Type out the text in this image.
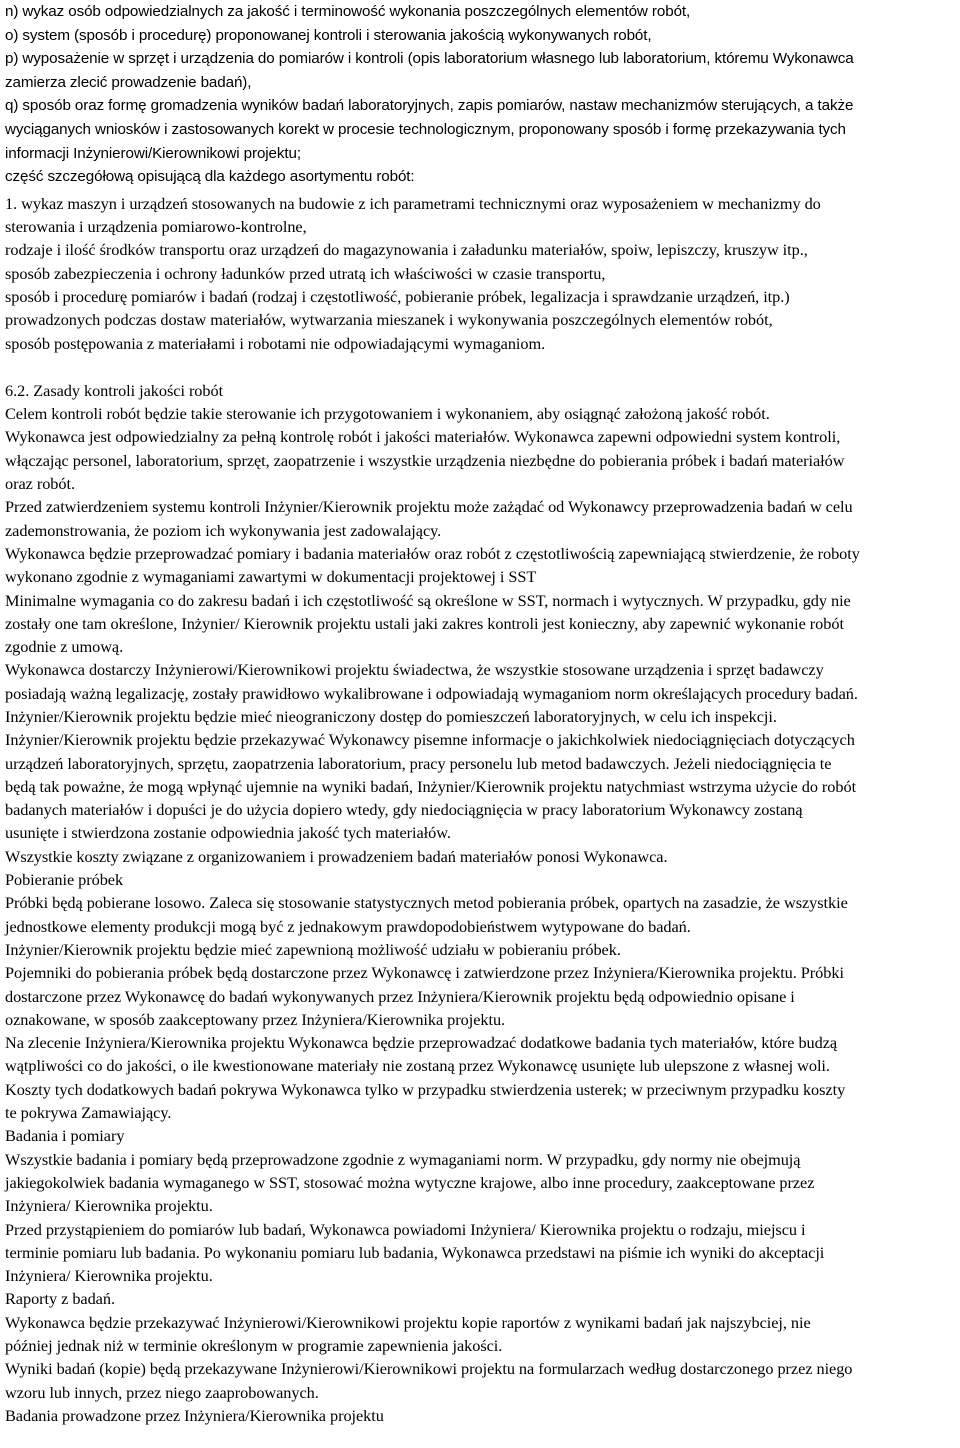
n) wykaz osób odpowiedzialnych za jakość i terminowość wykonania poszczególnych elementów robót,
o) system (sposób i procedurę) proponowanej kontroli i sterowania jakością wykonywanych robót,
p) wyposażenie w sprzęt i urządzenia do pomiarów i kontroli (opis laboratorium własnego lub laboratorium, któremu Wykonawca
zamierza zlecić prowadzenie badań),
q) sposób oraz formę gromadzenia wyników badań laboratoryjnych, zapis pomiarów, nastaw mechanizmów sterujących, a także
wyciąganych wniosków i zastosowanych korekt w procesie technologicznym, proponowany sposób i formę przekazywania tych
informacji Inżynierowi/Kierownikowi projektu;
część szczegółową opisującą dla każdego asortymentu robót:
1. wykaz maszyn i urządzeń stosowanych na budowie z ich parametrami technicznymi oraz wyposażeniem w mechanizmy do
sterowania i urządzenia pomiarowo-kontrolne,
rodzaje i ilość środków transportu oraz urządzeń do magazynowania i załadunku materiałów, spoiw, lepiszczy, kruszyw itp.,
sposób zabezpieczenia i ochrony ładunków przed utratą ich właściwości w czasie transportu,
sposób i procedurę pomiarów i badań (rodzaj i częstotliwość, pobieranie próbek, legalizacja i sprawdzanie urządzeń, itp.)
prowadzonych podczas dostaw materiałów, wytwarzania mieszanek i wykonywania poszczególnych elementów robót,
sposób postępowania z materiałami i robotami nie odpowiadającymi wymaganiom.
6.2. Zasady kontroli jakości robót
Celem kontroli robót będzie takie sterowanie ich przygotowaniem i wykonaniem, aby osiągnąć założoną jakość robót.
Wykonawca jest odpowiedzialny za pełną kontrolę robót i jakości materiałów. Wykonawca zapewni odpowiedni system kontroli,
włączając personel, laboratorium, sprzęt, zaopatrzenie i wszystkie urządzenia niezbędne do pobierania próbek i badań materiałów
oraz robót.
Przed zatwierdzeniem systemu kontroli Inżynier/Kierownik projektu może zażądać od Wykonawcy przeprowadzenia badań w celu
zademonstrowania, że poziom ich wykonywania jest zadowalający.
Wykonawca będzie przeprowadzać pomiary i badania materiałów oraz robót z częstotliwością zapewniającą stwierdzenie, że roboty
wykonano zgodnie z wymaganiami zawartymi w dokumentacji projektowej i SST
Minimalne wymagania co do zakresu badań i ich częstotliwość są określone w SST, normach i wytycznych. W przypadku, gdy nie
zostały one tam określone, Inżynier/ Kierownik projektu ustali jaki zakres kontroli jest konieczny, aby zapewnić wykonanie robót
zgodnie z umową.
Wykonawca dostarczy Inżynierowi/Kierownikowi projektu świadectwa, że wszystkie stosowane urządzenia i sprzęt badawczy
posiadają ważną legalizację, zostały prawidłowo wykalibrowane i odpowiadają wymaganiom norm określających procedury badań.
Inżynier/Kierownik projektu będzie mieć nieograniczony dostęp do pomieszczeń laboratoryjnych, w celu ich inspekcji.
Inżynier/Kierownik projektu będzie przekazywać Wykonawcy pisemne informacje o jakichkolwiek niedociągnięciach dotyczących
urządzeń laboratoryjnych, sprzętu, zaopatrzenia laboratorium, pracy personelu lub metod badawczych. Jeżeli niedociągnięcia te
będą tak poważne, że mogą wpłynąć ujemnie na wyniki badań, Inżynier/Kierownik projektu natychmiast wstrzyma użycie do robót
badanych materiałów i dopuści je do użycia dopiero wtedy, gdy niedociągnięcia w pracy laboratorium Wykonawcy zostaną
usunięte i stwierdzona zostanie odpowiednia jakość tych materiałów.
Wszystkie koszty związane z organizowaniem i prowadzeniem badań materiałów ponosi Wykonawca.
Pobieranie próbek
Próbki będą pobierane losowo. Zaleca się stosowanie statystycznych metod pobierania próbek, opartych na zasadzie, że wszystkie
jednostkowe elementy produkcji mogą być z jednakowym prawdopodobieństwem wytypowane do badań.
Inżynier/Kierownik projektu będzie mieć zapewnioną możliwość udziału w pobieraniu próbek.
Pojemniki do pobierania próbek będą dostarczone przez Wykonawcę i zatwierdzone przez Inżyniera/Kierownika projektu. Próbki
dostarczone przez Wykonawcę do badań wykonywanych przez Inżyniera/Kierownik projektu będą odpowiednio opisane i
oznakowane, w sposób zaakceptowany przez Inżyniera/Kierownika projektu.
Na zlecenie Inżyniera/Kierownika projektu Wykonawca będzie przeprowadzać dodatkowe badania tych materiałów, które budzą
wątpliwości co do jakości, o ile kwestionowane materiały nie zostaną przez Wykonawcę usunięte lub ulepszone z własnej woli.
Koszty tych dodatkowych badań pokrywa Wykonawca tylko w przypadku stwierdzenia usterek; w przeciwnym przypadku koszty
te pokrywa Zamawiający.
Badania i pomiary
Wszystkie badania i pomiary będą przeprowadzone zgodnie z wymaganiami norm. W przypadku, gdy normy nie obejmują
jakiegokolwiek badania wymaganego w SST, stosować można wytyczne krajowe, albo inne procedury, zaakceptowane przez
Inżyniera/ Kierownika projektu.
Przed przystąpieniem do pomiarów lub badań, Wykonawca powiadomi Inżyniera/ Kierownika projektu o rodzaju, miejscu i
terminie pomiaru lub badania. Po wykonaniu pomiaru lub badania, Wykonawca przedstawi na piśmie ich wyniki do akceptacji
Inżyniera/ Kierownika projektu.
Raporty z badań.
Wykonawca będzie przekazywać Inżynierowi/Kierownikowi projektu kopie raportów z wynikami badań jak najszybciej, nie
później jednak niż w terminie określonym w programie zapewnienia jakości.
Wyniki badań (kopie) będą przekazywane Inżynierowi/Kierownikowi projektu na formularzach według dostarczonego przez niego
wzoru lub innych, przez niego zaaprobowanych.
Badania prowadzone przez Inżyniera/Kierownika projektu
